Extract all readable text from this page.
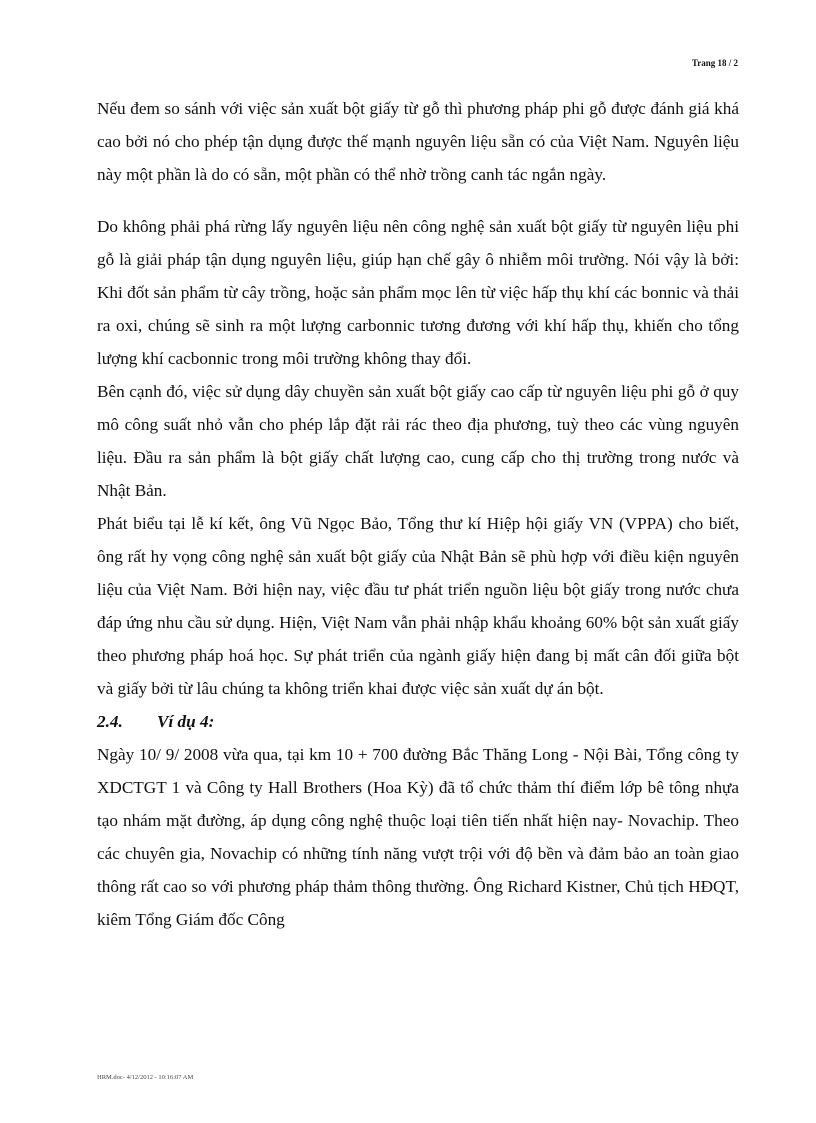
Trang 18 / 2

Nếu đem so sánh với việc sản xuất bột giấy từ gỗ thì phương pháp phi gỗ được đánh giá khá cao bởi nó cho phép tận dụng được thế mạnh nguyên liệu sẵn có của Việt Nam. Nguyên liệu này một phần là do có sẵn, một phần có thể nhờ trồng canh tác ngắn ngày.

Do không phải phá rừng lấy nguyên liệu nên công nghệ sản xuất bột giấy từ nguyên liệu phi gỗ là giải pháp tận dụng nguyên liệu, giúp hạn chế gây ô nhiễm môi trường. Nói vậy là bởi: Khi đốt sản phẩm từ cây trồng, hoặc sản phẩm mọc lên từ việc hấp thụ khí các bonnic và thải ra oxi, chúng sẽ sinh ra một lượng carbonnic tương đương với khí hấp thụ, khiến cho tổng lượng khí cacbonnic trong môi trường không thay đổi.

Bên cạnh đó, việc sử dụng dây chuyền sản xuất bột giấy cao cấp từ nguyên liệu phi gỗ ở quy mô công suất nhỏ vẫn cho phép lắp đặt rải rác theo địa phương, tuỳ theo các vùng nguyên liệu. Đầu ra sản phẩm là bột giấy chất lượng cao, cung cấp cho thị trường trong nước và Nhật Bản.

Phát biểu tại lễ kí kết, ông Vũ Ngọc Bảo, Tổng thư kí Hiệp hội giấy VN (VPPA) cho biết, ông rất hy vọng công nghệ sản xuất bột giấy của Nhật Bản sẽ phù hợp với điều kiện nguyên liệu của Việt Nam. Bởi hiện nay, việc đầu tư phát triển nguồn liệu bột giấy trong nước chưa đáp ứng nhu cầu sử dụng. Hiện, Việt Nam vẫn phải nhập khẩu khoảng 60% bột sản xuất giấy theo phương pháp hoá học. Sự phát triển của ngành giấy hiện đang bị mất cân đối giữa bột và giấy bởi từ lâu chúng ta không triển khai được việc sản xuất dự án bột.

2.4. Ví dụ 4:

Ngày 10/ 9/ 2008 vừa qua, tại km 10 + 700 đường Bắc Thăng Long - Nội Bài, Tổng công ty XDCTGT 1 và Công ty Hall Brothers (Hoa Kỳ) đã tổ chức thảm thí điểm lớp bê tông nhựa tạo nhám mặt đường, áp dụng công nghệ thuộc loại tiên tiến nhất hiện nay- Novachip. Theo các chuyên gia, Novachip có những tính năng vượt trội với độ bền và đảm bảo an toàn giao thông rất cao so với phương pháp thảm thông thường. Ông Richard Kistner, Chủ tịch HĐQT, kiêm Tổng Giám đốc Công

HRM.doc- 4/12/2012 - 10:16:07 AM
